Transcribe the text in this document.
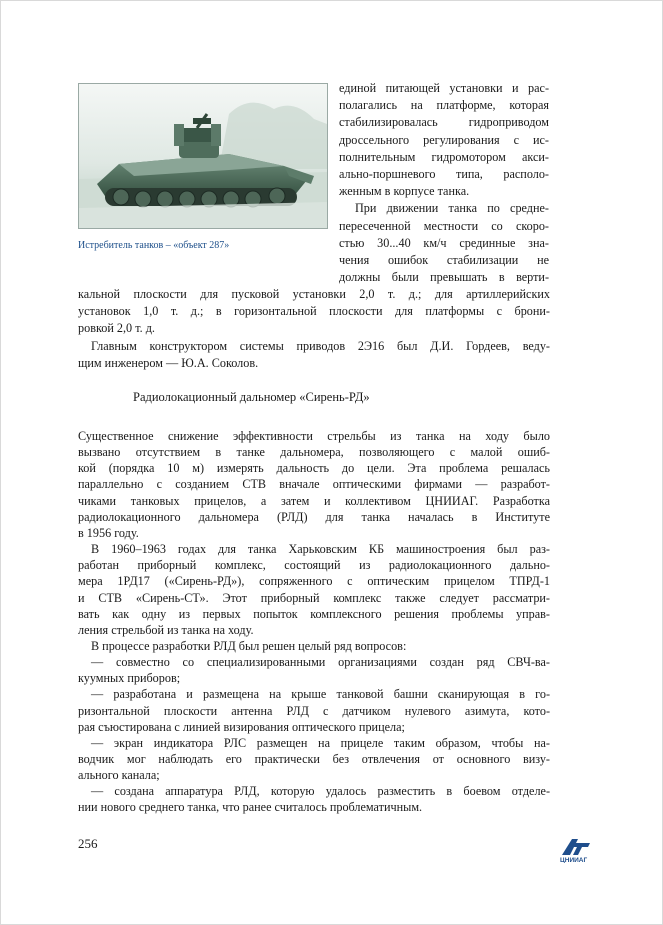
Истребитель танков – «объект 287»
единой питающей установки и рас-
полагались на платформе, которая
стабилизировалась гидроприводом
дроссельного регулирования с ис-
полнительным гидромотором акси-
ально-поршневого типа, располо-
женным в корпусе танка.
При движении танка по средне-
пересеченной местности со скоро-
стью 30...40 км/ч срединные зна-
чения ошибок стабилизации не
должны были превышать в верти-
кальной плоскости для пусковой установки 2,0 т. д.; для артиллерийских
установок 1,0 т. д.; в горизонтальной плоскости для платформы с брони-
ровкой 2,0 т. д.
Главным конструктором системы приводов 2Э16 был Д.И. Гордеев, веду-
щим инженером — Ю.А. Соколов.
Радиолокационный дальномер «Сирень-РД»
Существенное снижение эффективности стрельбы из танка на ходу было
вызвано отсутствием в танке дальномера, позволяющего с малой ошиб-
кой (порядка 10 м) измерять дальность до цели. Эта проблема решалась
параллельно с созданием СТВ вначале оптическими фирмами — разработ-
чиками танковых прицелов, а затем и коллективом ЦНИИАГ. Разработка
радиолокационного дальномера (РЛД) для танка началась в Институте
в 1956 году.
В 1960–1963 годах для танка Харьковским КБ машиностроения был раз-
работан приборный комплекс, состоящий из радиолокационного дально-
мера 1РД17 («Сирень-РД»), сопряженного с оптическим прицелом ТПРД-1
и СТВ «Сирень-СТ». Этот приборный комплекс также следует рассматри-
вать как одну из первых попыток комплексного решения проблемы управ-
ления стрельбой из танка на ходу.
В процессе разработки РЛД был решен целый ряд вопросов:
— совместно со специализированными организациями создан ряд СВЧ-ва-
куумных приборов;
— разработана и размещена на крыше танковой башни сканирующая в го-
ризонтальной плоскости антенна РЛД с датчиком нулевого азимута, кото-
рая съюстирована с линией визирования оптического прицела;
— экран индикатора РЛС размещен на прицеле таким образом, чтобы на-
водчик мог наблюдать его практически без отвлечения от основного визу-
ального канала;
— создана аппаратура РЛД, которую удалось разместить в боевом отделе-
нии нового среднего танка, что ранее считалось проблематичным.
256
ЦНИИАГ
